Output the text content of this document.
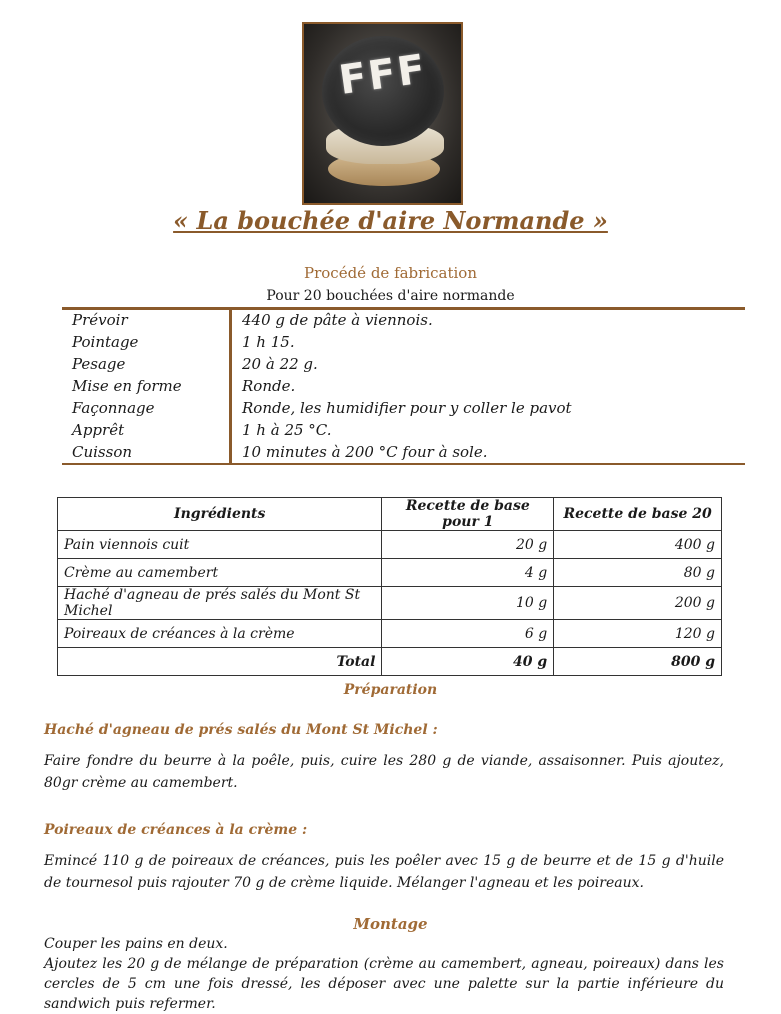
FFF
« La bouchée d'aire Normande »
Procédé de fabrication
Pour 20 bouchées d'aire normande
Prévoir	440 g de pâte à viennois.
Pointage	1 h 15.
Pesage	20 à 22 g.
Mise en forme	Ronde.
Façonnage	Ronde, les humidifier pour y coller le pavot
Apprêt	1 h à 25 °C.
Cuisson	10 minutes à 200 °C four à sole.
Ingrédients	Recette de base pour 1	Recette de base 20
Pain viennois cuit	20 g	400 g
Crème au camembert	4 g	80 g
Haché d'agneau de prés salés du Mont St Michel	10 g	200 g
Poireaux de créances à la crème	6 g	120 g
Total	40 g	800 g
Préparation
Haché d'agneau de prés salés du Mont St Michel :
Faire fondre du beurre à la poêle, puis, cuire les 280 g de viande, assaisonner. Puis ajoutez, 80gr crème au camembert.
Poireaux de créances à la crème :
Emincé 110 g de poireaux de créances, puis les poêler avec 15 g de beurre et de 15 g d'huile de tournesol puis rajouter 70 g de crème liquide. Mélanger l'agneau et les poireaux.
Montage
Couper les pains en deux.
Ajoutez les 20 g de mélange de préparation (crème au camembert, agneau, poireaux) dans les cercles de 5 cm une fois dressé, les déposer avec une palette sur la partie inférieure du sandwich puis refermer.
